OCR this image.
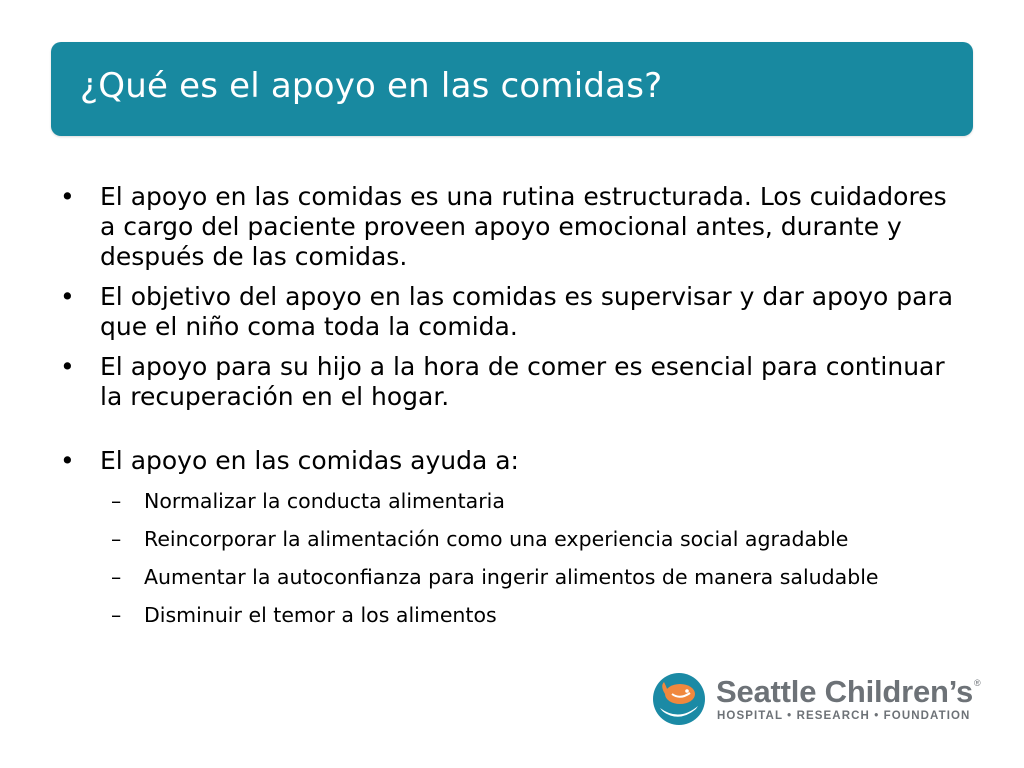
¿Qué es el apoyo en las comidas?
•	El apoyo en las comidas es una rutina estructurada. Los cuidadores a cargo del paciente proveen apoyo emocional antes, durante y después de las comidas.
•	El objetivo del apoyo en las comidas es supervisar y dar apoyo para que el niño coma toda la comida.
•	El apoyo para su hijo a la hora de comer es esencial para continuar la recuperación en el hogar.
•	El apoyo en las comidas ayuda a:
–	Normalizar la conducta alimentaria
–	Reincorporar la alimentación como una experiencia social agradable
–	Aumentar la autoconfianza para ingerir alimentos de manera saludable
–	Disminuir el temor a los alimentos
Seattle Children’s ®
HOSPITAL • RESEARCH • FOUNDATION
